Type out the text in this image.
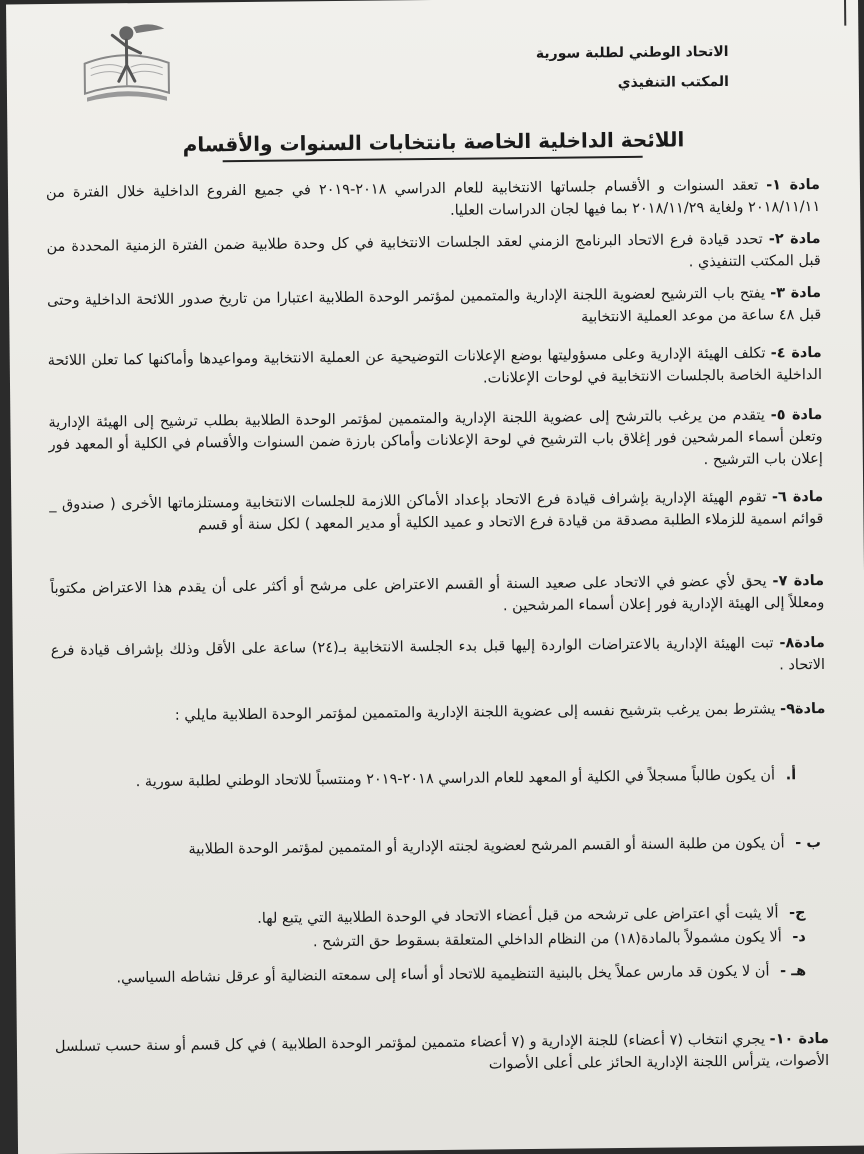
الاتحاد الوطني لطلبة سورية
المكتب التنفيذي
اللائحة الداخلية الخاصة بانتخابات السنوات والأقسام
مادة ١- تعقد السنوات و الأقسام جلساتها الانتخابية للعام الدراسي ٢٠١٨-٢٠١٩ في جميع الفروع الداخلية خلال الفترة من ٢٠١٨/١١/١١ ولغاية ٢٠١٨/١١/٢٩ بما فيها لجان الدراسات العليا.
مادة ٢- تحدد قيادة فرع الاتحاد البرنامج الزمني لعقد الجلسات الانتخابية في كل وحدة طلابية ضمن الفترة الزمنية المحددة من قبل المكتب التنفيذي .
مادة ٣- يفتح باب الترشيح لعضوية اللجنة الإدارية والمتممين لمؤتمر الوحدة الطلابية اعتبارا من تاريخ صدور اللائحة الداخلية وحتى قبل ٤٨ ساعة من موعد العملية الانتخابية
مادة ٤- تكلف الهيئة الإدارية وعلى مسؤوليتها بوضع الإعلانات التوضيحية عن العملية الانتخابية ومواعيدها وأماكنها كما تعلن اللائحة الداخلية الخاصة بالجلسات الانتخابية في لوحات الإعلانات.
مادة ٥- يتقدم من يرغب بالترشح إلى عضوية اللجنة الإدارية والمتممين لمؤتمر الوحدة الطلابية بطلب ترشيح إلى الهيئة الإدارية وتعلن أسماء المرشحين فور إغلاق باب الترشيح في لوحة الإعلانات وأماكن بارزة ضمن السنوات والأقسام في الكلية أو المعهد فور إعلان باب الترشيح .
مادة ٦- تقوم الهيئة الإدارية بإشراف قيادة فرع الاتحاد بإعداد الأماكن اللازمة للجلسات الانتخابية ومستلزماتها الأخرى ( صندوق _ قوائم اسمية للزملاء الطلبة مصدقة من قيادة فرع الاتحاد و عميد الكلية أو مدير المعهد ) لكل سنة أو قسم
مادة ٧- يحق لأي عضو في الاتحاد على صعيد السنة أو القسم الاعتراض على مرشح أو أكثر على أن يقدم هذا الاعتراض مكتوباً ومعللاً إلى الهيئة الإدارية فور إعلان أسماء المرشحين .
مادة٨- تبت الهيئة الإدارية بالاعتراضات الواردة إليها قبل بدء الجلسة الانتخابية بـ(٢٤) ساعة على الأقل وذلك بإشراف قيادة فرع الاتحاد .
مادة٩- يشترط بمن يرغب بترشيح نفسه إلى عضوية اللجنة الإدارية والمتممين لمؤتمر الوحدة الطلابية مايلي :
أ. أن يكون طالباً مسجلاً في الكلية أو المعهد للعام الدراسي ٢٠١٨-٢٠١٩ ومنتسباً للاتحاد الوطني لطلبة سورية .
ب - أن يكون من طلبة السنة أو القسم المرشح لعضوية لجنته الإدارية أو المتممين لمؤتمر الوحدة الطلابية
ج- ألا يثبت أي اعتراض على ترشحه من قبل أعضاء الاتحاد في الوحدة الطلابية التي يتبع لها.
د- ألا يكون مشمولاً بالمادة(١٨) من النظام الداخلي المتعلقة بسقوط حق الترشح .
هـ - أن لا يكون قد مارس عملاً يخل بالبنية التنظيمية للاتحاد أو أساء إلى سمعته النضالية أو عرقل نشاطه السياسي.
مادة ١٠- يجري انتخاب (٧ أعضاء) للجنة الإدارية و (٧ أعضاء متممين لمؤتمر الوحدة الطلابية ) في كل قسم أو سنة حسب تسلسل الأصوات، يترأس اللجنة الإدارية الحائز على أعلى الأصوات
